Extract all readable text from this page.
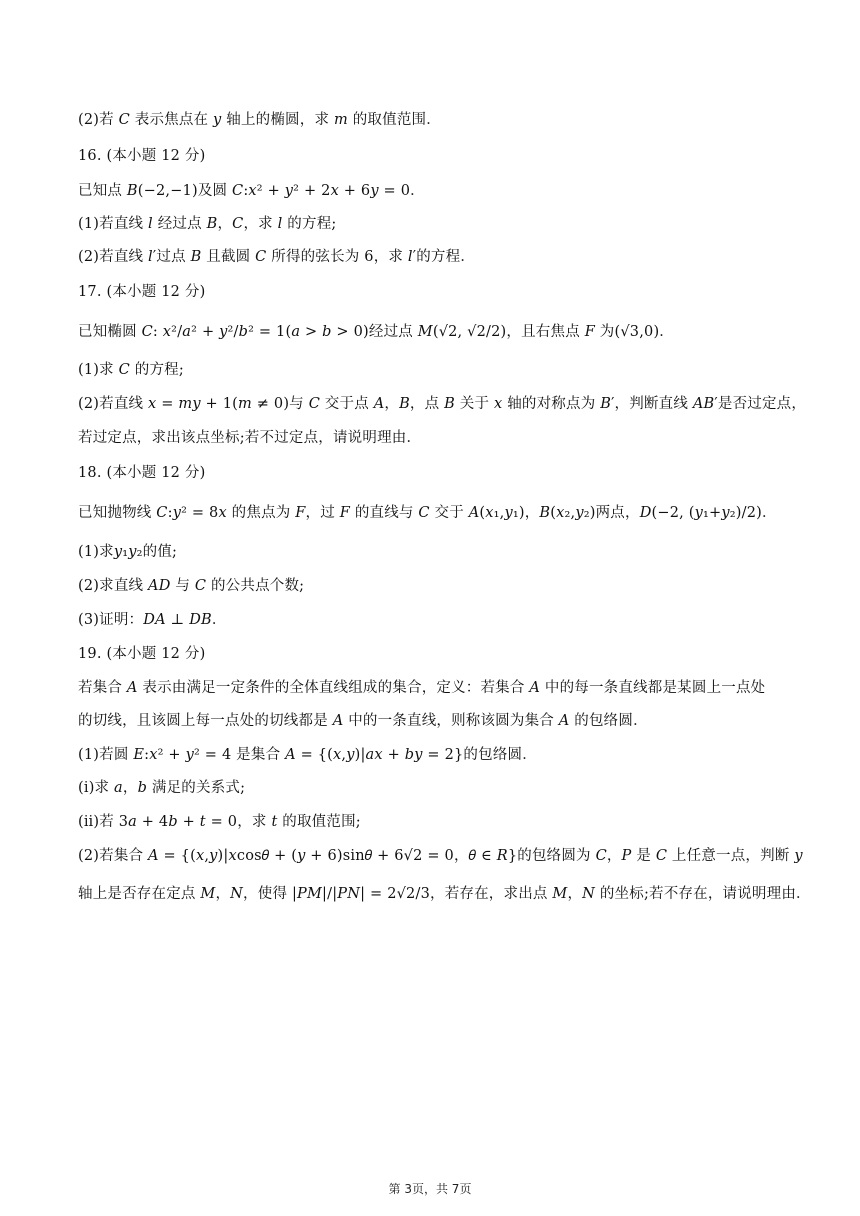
(2)若 𝐶 表示焦点在 𝑦 轴上的椭圆，求 𝑚 的取值范围．
16. (本小题 12 分)
已知点 𝐵(−2,−1)及圆 𝐶:𝑥² + 𝑦² + 2𝑥 + 6𝑦 = 0．
(1)若直线 𝑙 经过点 𝐵，𝐶，求 𝑙 的方程;
(2)若直线 𝑙′过点 𝐵 且截圆 𝐶 所得的弦长为 6，求 𝑙′的方程．
17. (本小题 12 分)
已知椭圆 𝐶: 𝑥²/𝑎² + 𝑦²/𝑏² = 1(𝑎 > 𝑏 > 0)经过点 𝑀(√2, √2/2)，且右焦点 𝐹 为(√3,0)．
(1)求 𝐶 的方程;
(2)若直线 𝑥 = 𝑚𝑦 + 1(𝑚 ≠ 0)与 𝐶 交于点 𝐴，𝐵，点 𝐵 关于 𝑥 轴的对称点为 𝐵′，判断直线 𝐴𝐵′是否过定点，
若过定点，求出该点坐标;若不过定点，请说明理由．
18. (本小题 12 分)
已知抛物线 𝐶:𝑦² = 8𝑥 的焦点为 𝐹，过 𝐹 的直线与 𝐶 交于 𝐴(𝑥₁,𝑦₁)，𝐵(𝑥₂,𝑦₂)两点，𝐷(−2, (𝑦₁+𝑦₂)/2)．
(1)求𝑦₁𝑦₂的值;
(2)求直线 𝐴𝐷 与 𝐶 的公共点个数;
(3)证明：𝐷𝐴 ⊥ 𝐷𝐵．
19. (本小题 12 分)
若集合 𝐴 表示由满足一定条件的全体直线组成的集合，定义：若集合 𝐴 中的每一条直线都是某圆上一点处
的切线，且该圆上每一点处的切线都是 𝐴 中的一条直线，则称该圆为集合 𝐴 的包络圆．
(1)若圆 𝐸:𝑥² + 𝑦² = 4 是集合 𝐴 = {(𝑥,𝑦)|𝑎𝑥 + 𝑏𝑦 = 2}的包络圆．
(ⅰ)求 𝑎，𝑏 满足的关系式;
(ⅱ)若 3𝑎 + 4𝑏 + 𝑡 = 0，求 𝑡 的取值范围;
(2)若集合 𝐴 = {(𝑥,𝑦)|𝑥cos𝜃 + (𝑦 + 6)sin𝜃 + 6√2 = 0，𝜃 ∈ 𝑅}的包络圆为 𝐶，𝑃 是 𝐶 上任意一点，判断 𝑦
轴上是否存在定点 𝑀，𝑁，使得 |𝑃𝑀|/|𝑃𝑁| = 2√2/3，若存在，求出点 𝑀，𝑁 的坐标;若不存在，请说明理由．
第 3页，共 7页
